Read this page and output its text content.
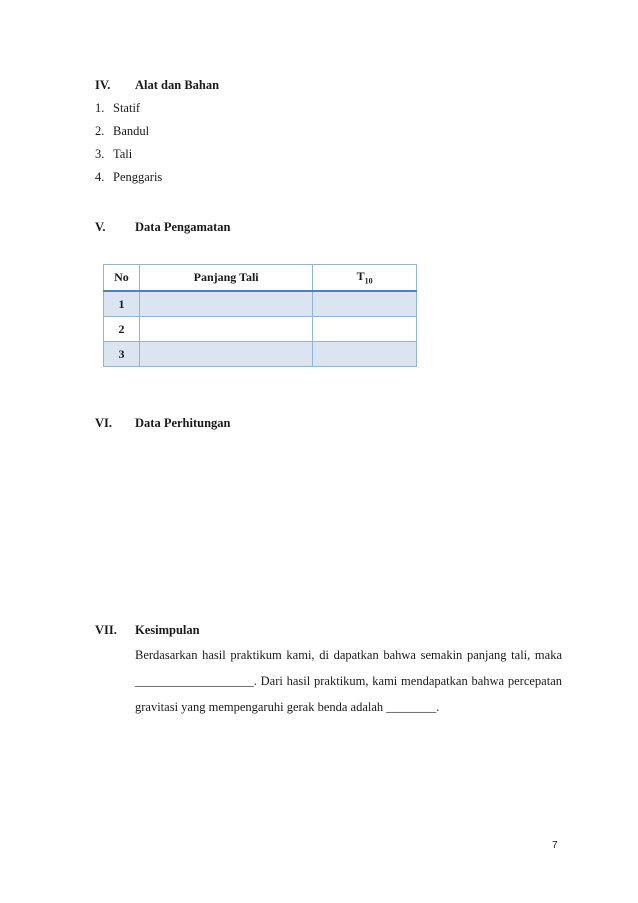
IV. Alat dan Bahan
1. Statif
2. Bandul
3. Tali
4. Penggaris
V. Data Pengamatan
No	Panjang Tali	$T_{10}$
1		
2		
3		
VI. Data Perhitungan
VII. Kesimpulan
Berdasarkan hasil praktikum kami, di dapatkan bahwa semakin panjang tali, maka ___________________. Dari hasil praktikum, kami mendapatkan bahwa percepatan gravitasi yang mempengaruhi gerak benda adalah ________.
7
